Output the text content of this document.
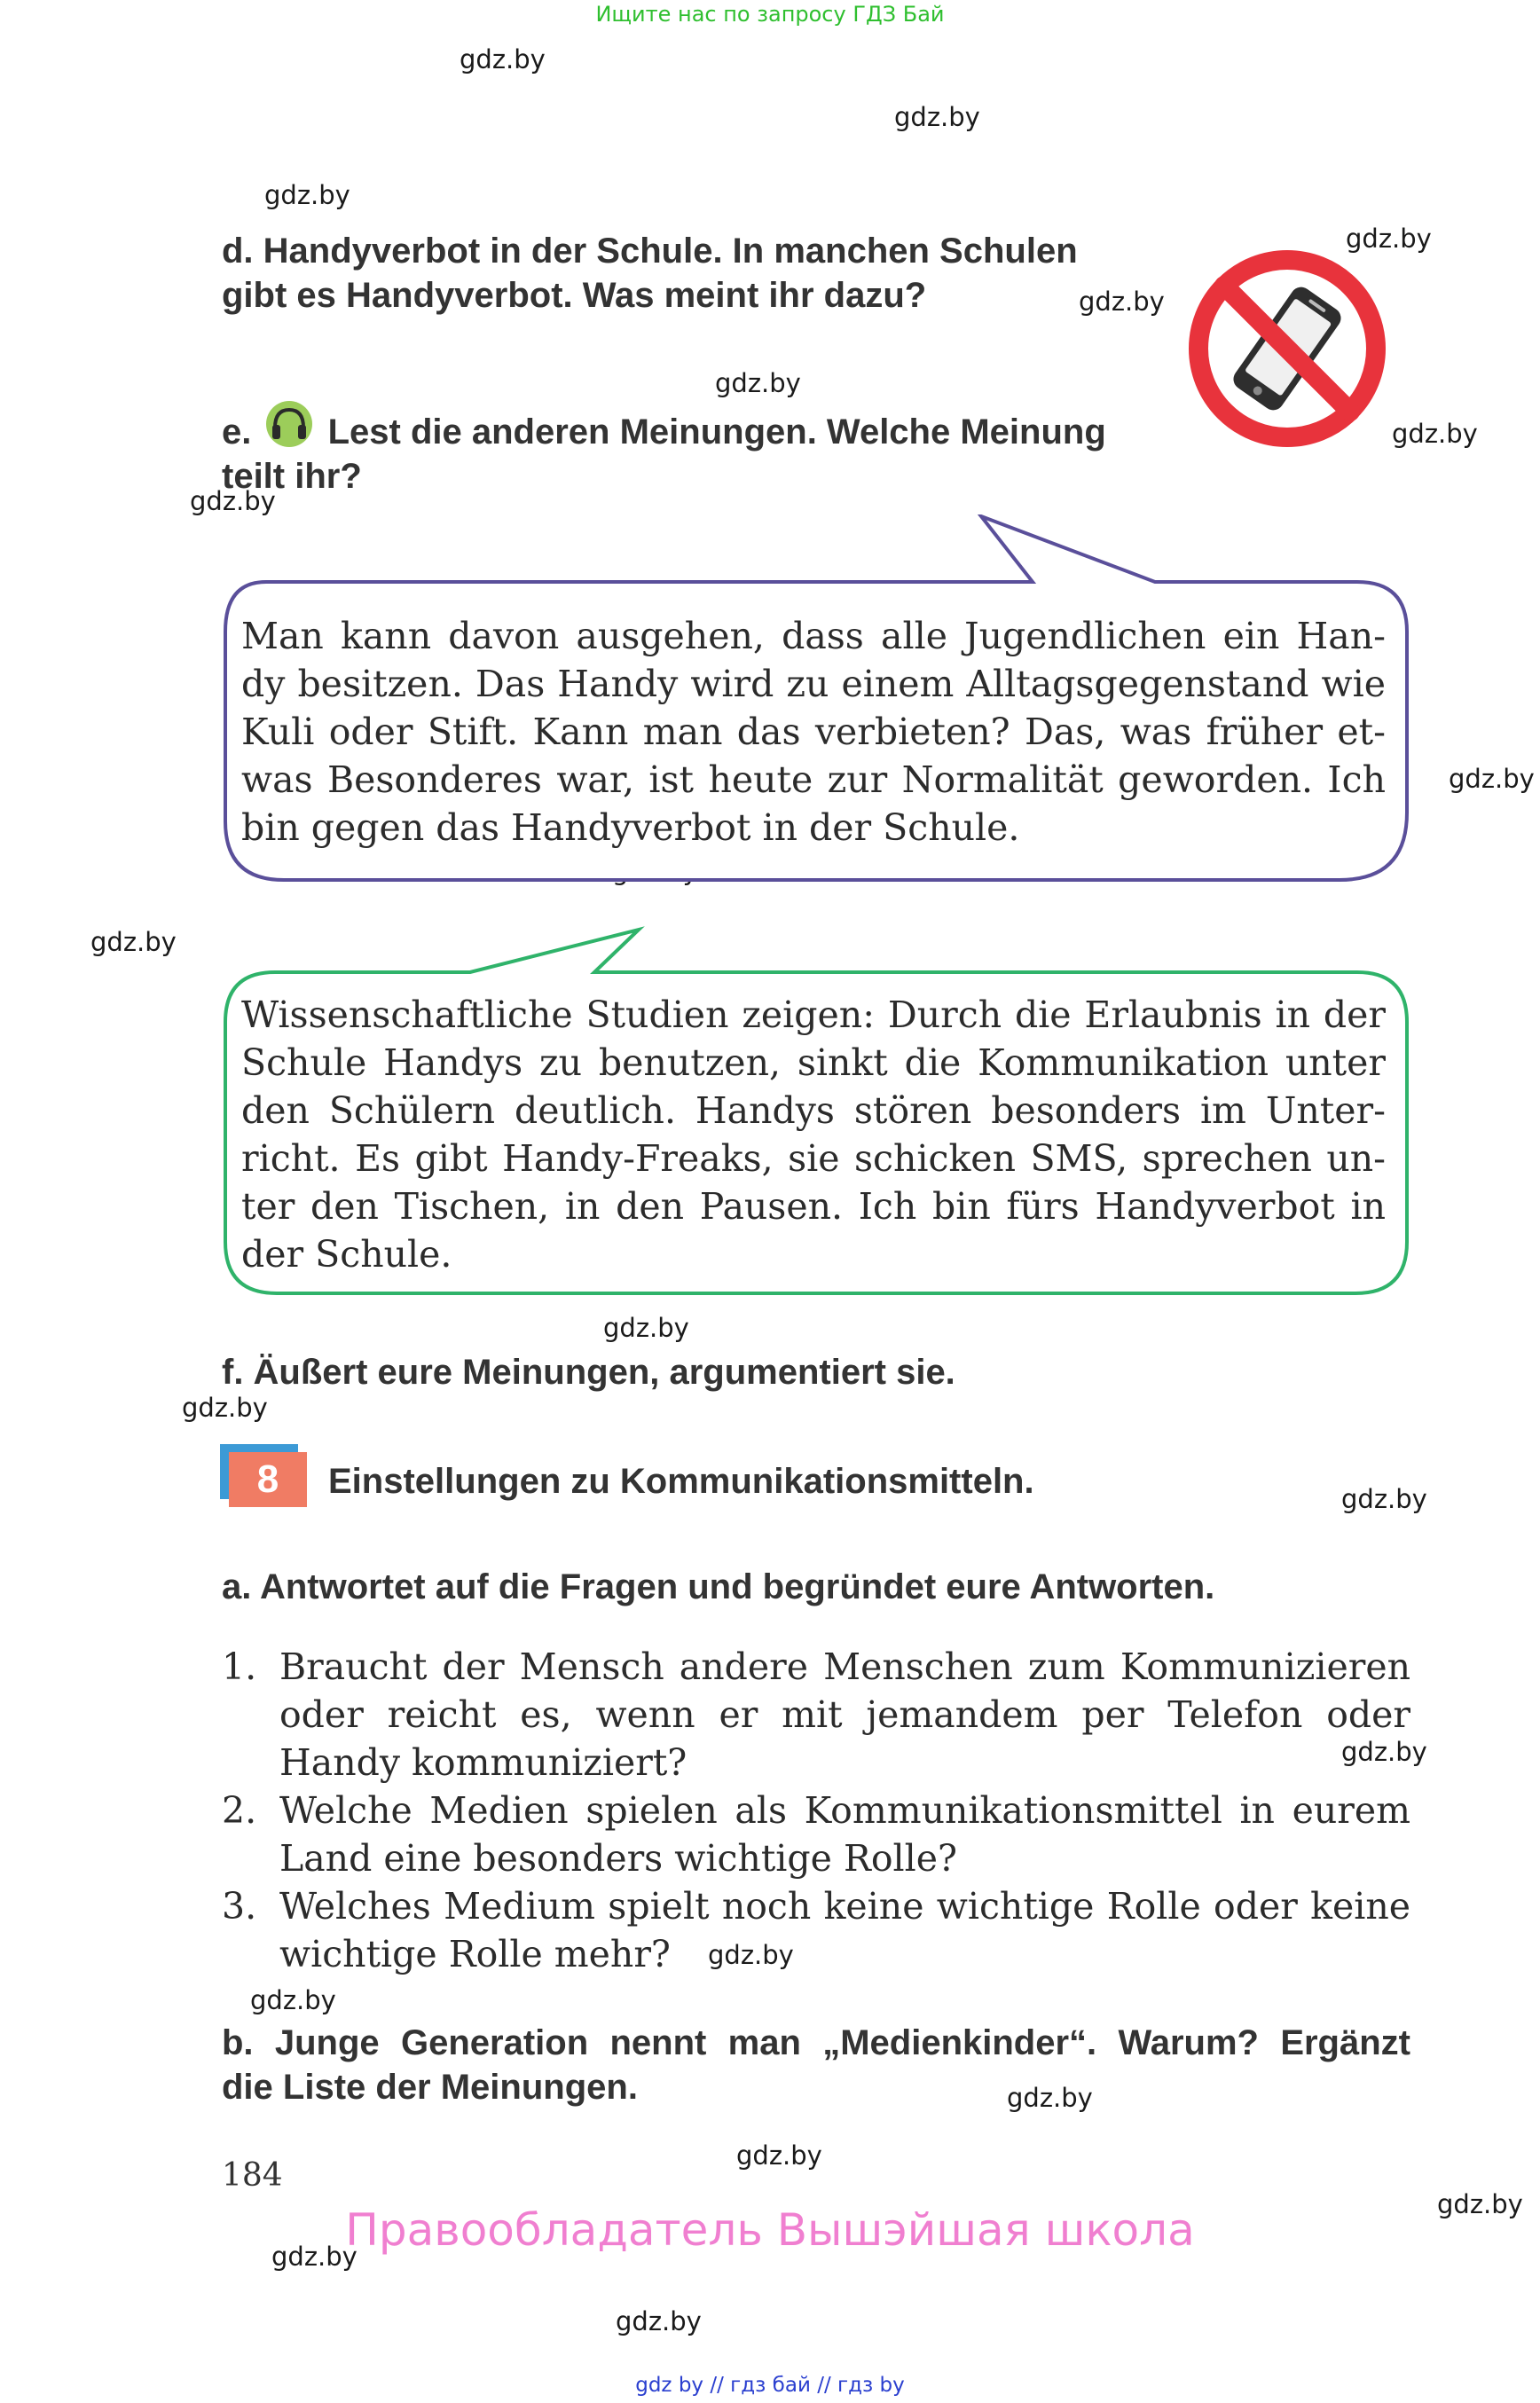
Ищите нас по запросу ГДЗ Бай
gdz.by
gdz.by
gdz.by
gdz.by
gdz.by
gdz.by
gdz.by
gdz.by
gdz.by
gdz.by
gdz.by
gdz.by
gdz.by
gdz.by
gdz.by
gdz.by
gdz.by
gdz.by
gdz.by
gdz.by
gdz.by
d. Handyverbot in der Schule. In manchen Schulen
gibt es Handyverbot. Was meint ihr dazu?
e. Lest die anderen Meinungen. Welche Meinung
teilt ihr?
Man kann davon ausgehen, dass alle Jugendlichen ein Han-
dy besitzen. Das Handy wird zu einem Alltagsgegenstand wie
Kuli oder Stift. Kann man das verbieten? Das, was früher et-
was Besonderes war, ist heute zur Normalität geworden. Ich
bin gegen das Handyverbot in der Schule.
Wissenschaftliche Studien zeigen: Durch die Erlaubnis in der
Schule Handys zu benutzen, sinkt die Kommunikation unter
den Schülern deutlich. Handys stören besonders im Unter-
richt. Es gibt Handy-Freaks, sie schicken SMS, sprechen un-
ter den Tischen, in den Pausen. Ich bin fürs Handyverbot in
der Schule.
f. Äußert eure Meinungen, argumentiert sie.
8	Einstellungen zu Kommunikationsmitteln.
a. Antwortet auf die Fragen und begründet eure Antworten.
1. Braucht der Mensch andere Menschen zum Kommunizieren
oder reicht es, wenn er mit jemandem per Telefon oder
Handy kommuniziert?
2. Welche Medien spielen als Kommunikationsmittel in eurem
Land eine besonders wichtige Rolle?
3. Welches Medium spielt noch keine wichtige Rolle oder keine
wichtige Rolle mehr?
b. Junge Generation nennt man „Medienkinder“. Warum? Ergänzt
die Liste der Meinungen.
184
Правообладатель Вышэйшая школа
gdz by // гдз бай // гдз by
